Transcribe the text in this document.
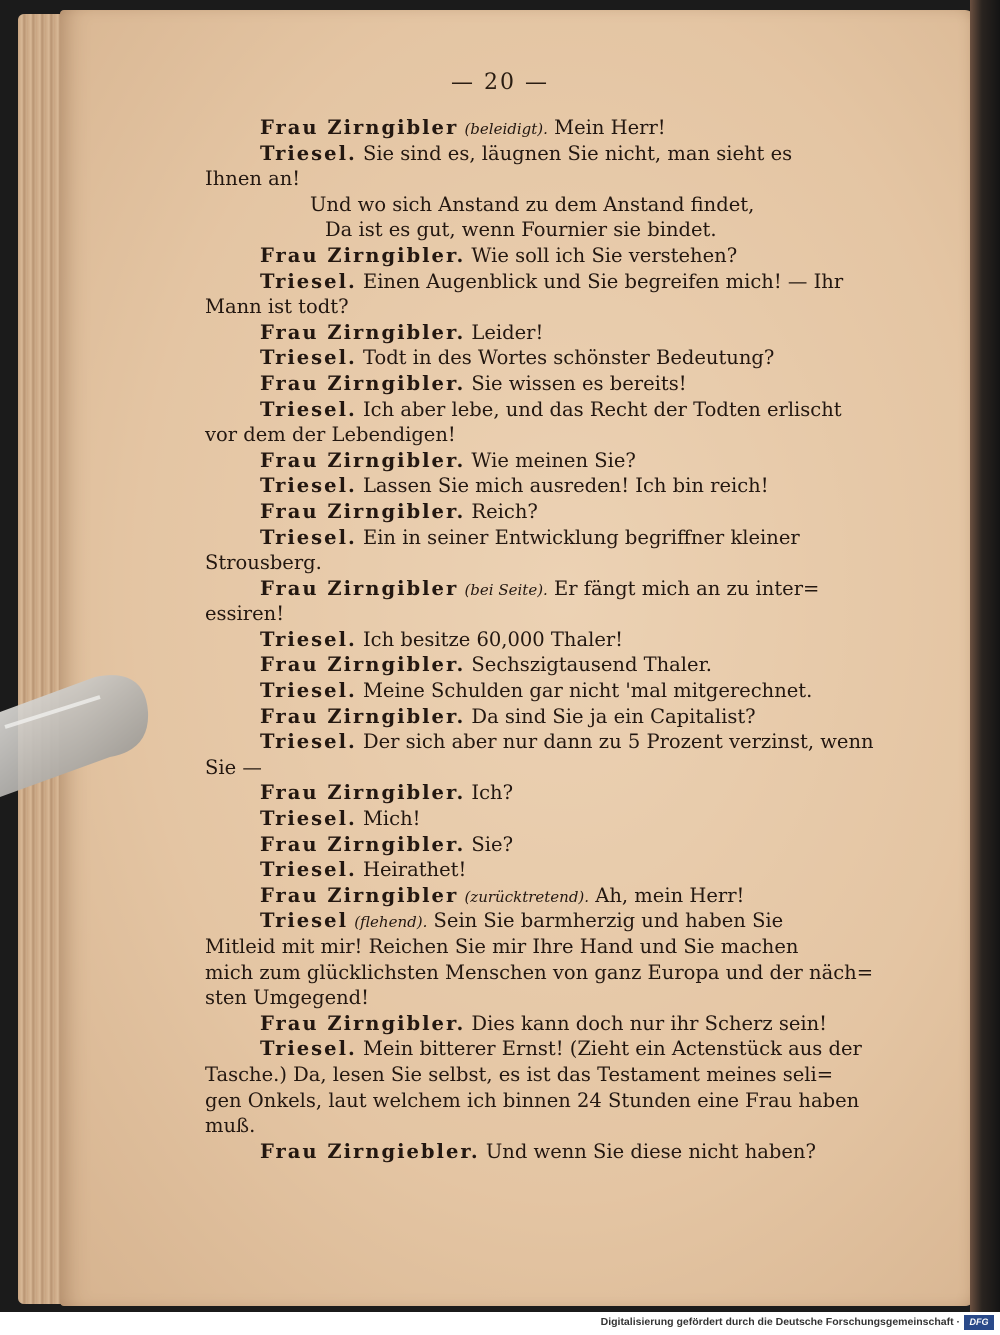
— 20 —
Frau Zirngibler (beleidigt). Mein Herr!
Triesel. Sie sind es, läugnen Sie nicht, man sieht es
Ihnen an!
Und wo sich Anstand zu dem Anstand findet,
Da ist es gut, wenn Fournier sie bindet.
Frau Zirngibler. Wie soll ich Sie verstehen?
Triesel. Einen Augenblick und Sie begreifen mich! — Ihr
Mann ist todt?
Frau Zirngibler. Leider!
Triesel. Todt in des Wortes schönster Bedeutung?
Frau Zirngibler. Sie wissen es bereits!
Triesel. Ich aber lebe, und das Recht der Todten erlischt
vor dem der Lebendigen!
Frau Zirngibler. Wie meinen Sie?
Triesel. Lassen Sie mich ausreden! Ich bin reich!
Frau Zirngibler. Reich?
Triesel. Ein in seiner Entwicklung begriffner kleiner
Strousberg.
Frau Zirngibler (bei Seite). Er fängt mich an zu inter=
essiren!
Triesel. Ich besitze 60,000 Thaler!
Frau Zirngibler. Sechszigtausend Thaler.
Triesel. Meine Schulden gar nicht 'mal mitgerechnet.
Frau Zirngibler. Da sind Sie ja ein Capitalist?
Triesel. Der sich aber nur dann zu 5 Prozent verzinst, wenn
Sie —
Frau Zirngibler. Ich?
Triesel. Mich!
Frau Zirngibler. Sie?
Triesel. Heirathet!
Frau Zirngibler (zurücktretend). Ah, mein Herr!
Triesel (flehend). Sein Sie barmherzig und haben Sie
Mitleid mit mir! Reichen Sie mir Ihre Hand und Sie machen
mich zum glücklichsten Menschen von ganz Europa und der näch=
sten Umgegend!
Frau Zirngibler. Dies kann doch nur ihr Scherz sein!
Triesel. Mein bitterer Ernst! (Zieht ein Actenstück aus der
Tasche.) Da, lesen Sie selbst, es ist das Testament meines seli=
gen Onkels, laut welchem ich binnen 24 Stunden eine Frau haben
muß.
Frau Zirngiebler. Und wenn Sie diese nicht haben?
Digitalisierung gefördert durch die Deutsche Forschungsgemeinschaft ·	DFG
